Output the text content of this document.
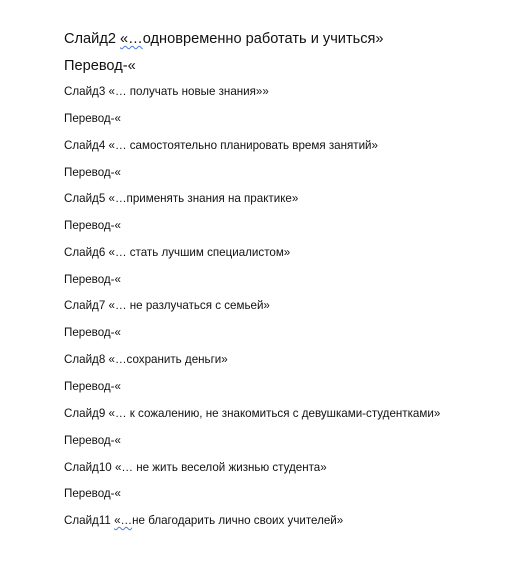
Слайд2 «…одновременно работать и учиться»
Перевод-«
Слайд3 «… получать новые знания»»
Перевод-«
Слайд4 «… самостоятельно планировать время занятий»
Перевод-«
Слайд5 «…применять знания на практике»
Перевод-«
Слайд6 «… стать лучшим специалистом»
Перевод-«
Слайд7 «… не разлучаться с семьей»
Перевод-«
Слайд8 «…сохранить деньги»
Перевод-«
Слайд9 «… к сожалению, не знакомиться с девушками-студентками»
Перевод-«
Слайд10 «… не жить веселой жизнью студента»
Перевод-«
Слайд11 «…не благодарить лично своих учителей»
